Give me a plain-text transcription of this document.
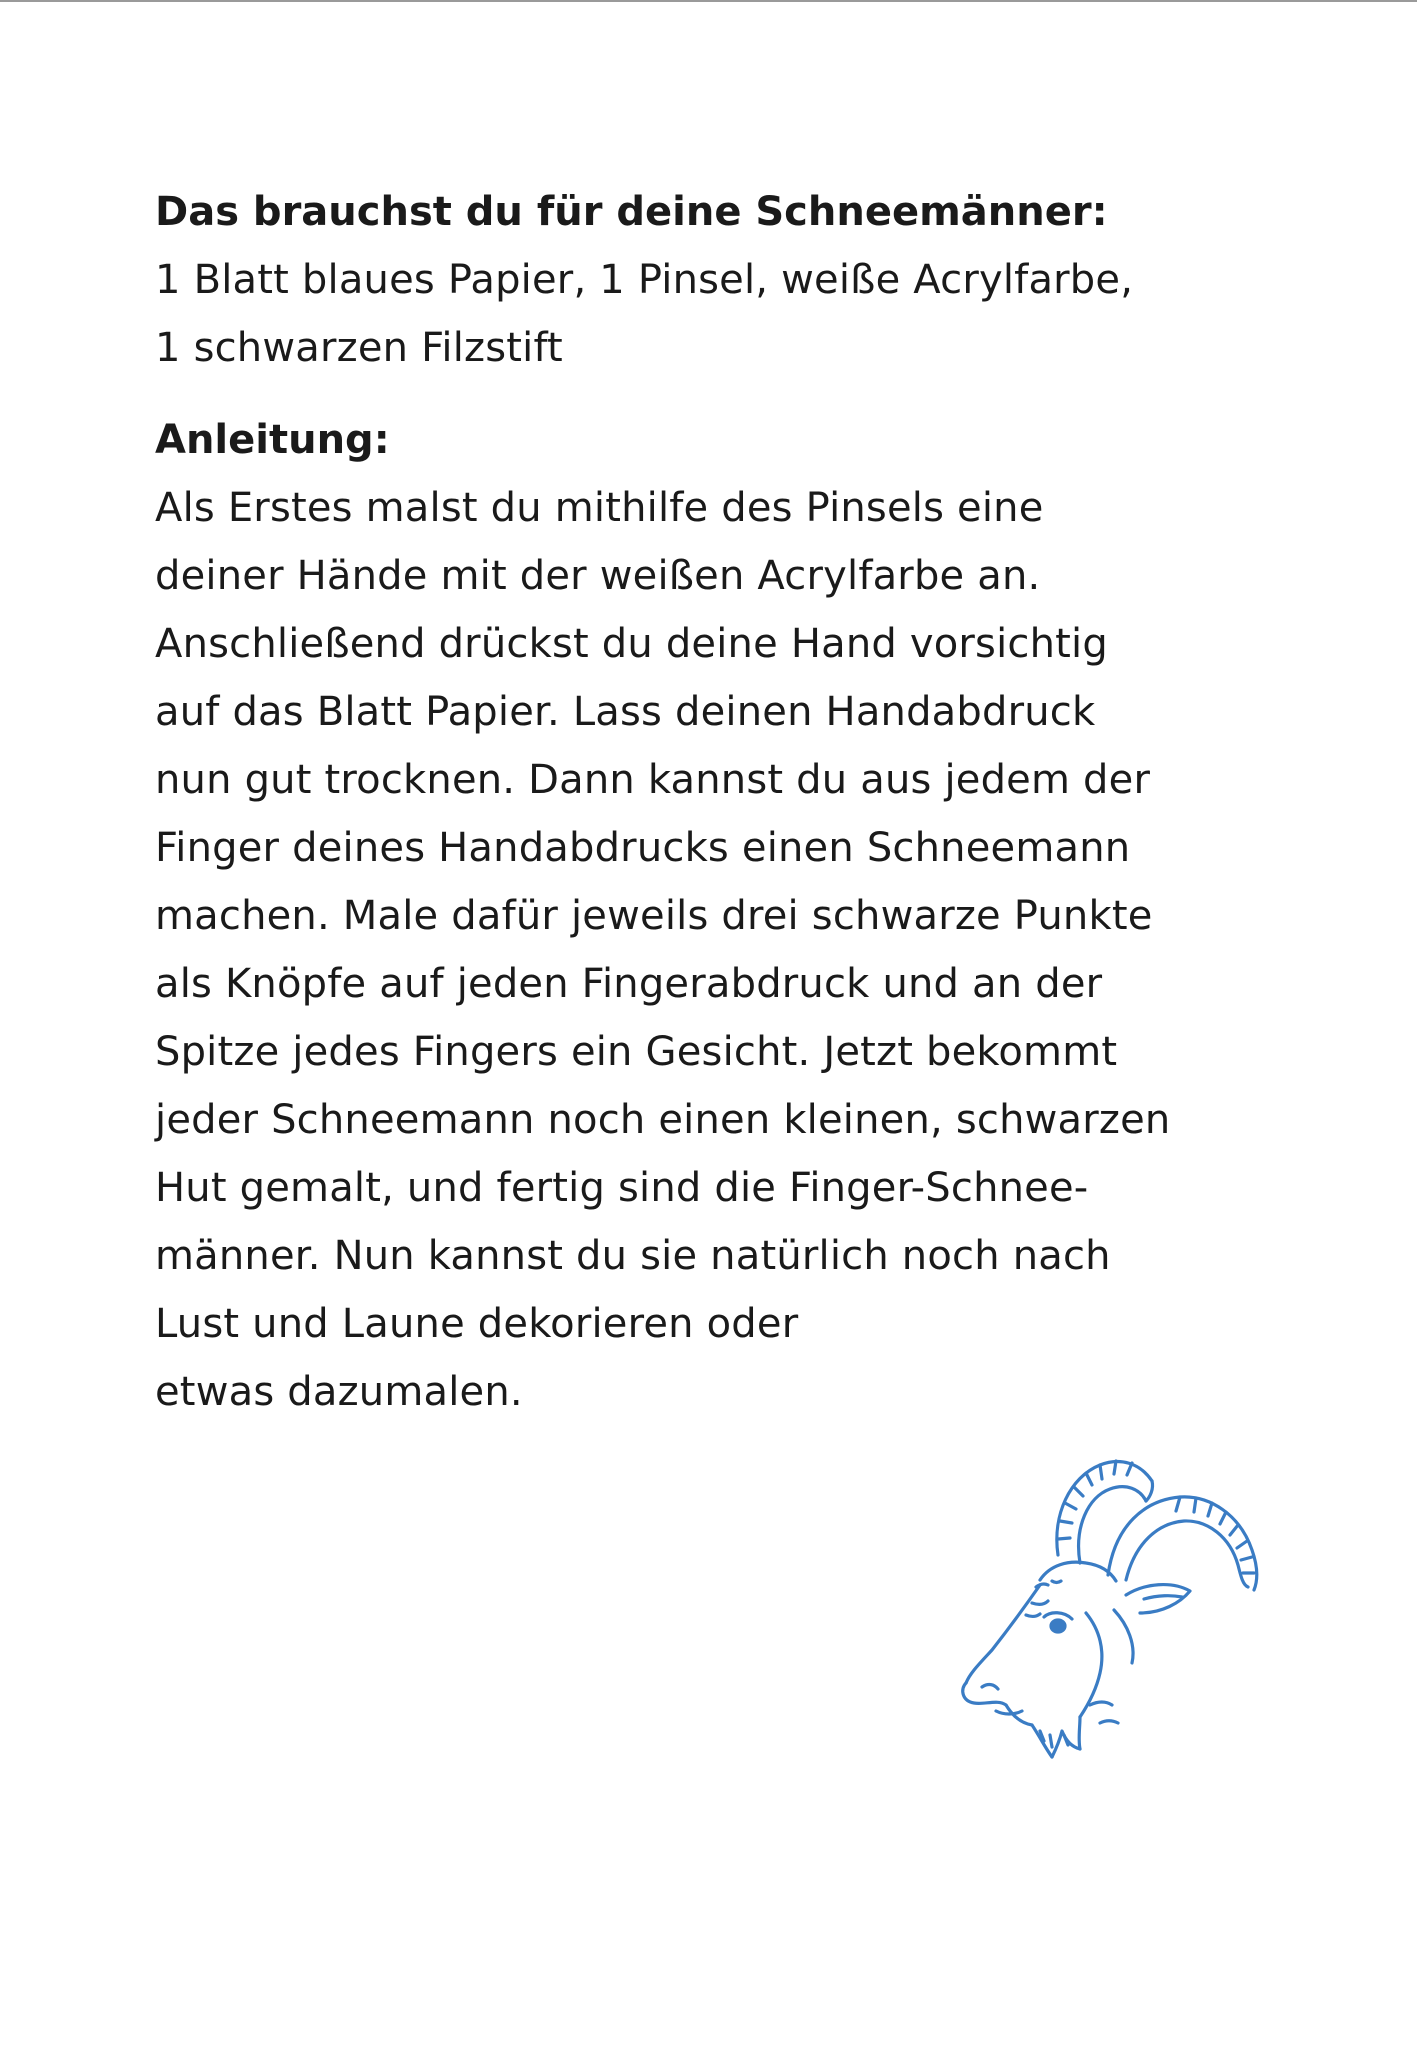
Das brauchst du für deine Schneemänner:

1 Blatt blaues Papier, 1 Pinsel, weiße Acrylfarbe,

1 schwarzen Filzstift

Anleitung:

Als Erstes malst du mithilfe des Pinsels eine

deiner Hände mit der weißen Acrylfarbe an.

Anschließend drückst du deine Hand vorsichtig

auf das Blatt Papier. Lass deinen Handabdruck

nun gut trocknen. Dann kannst du aus jedem der

Finger deines Handabdrucks einen Schneemann

machen. Male dafür jeweils drei schwarze Punkte

als Knöpfe auf jeden Fingerabdruck und an der

Spitze jedes Fingers ein Gesicht. Jetzt bekommt

jeder Schneemann noch einen kleinen, schwarzen

Hut gemalt, und fertig sind die Finger-Schnee-

männer. Nun kannst du sie natürlich noch nach

Lust und Laune dekorieren oder

etwas dazumalen.
